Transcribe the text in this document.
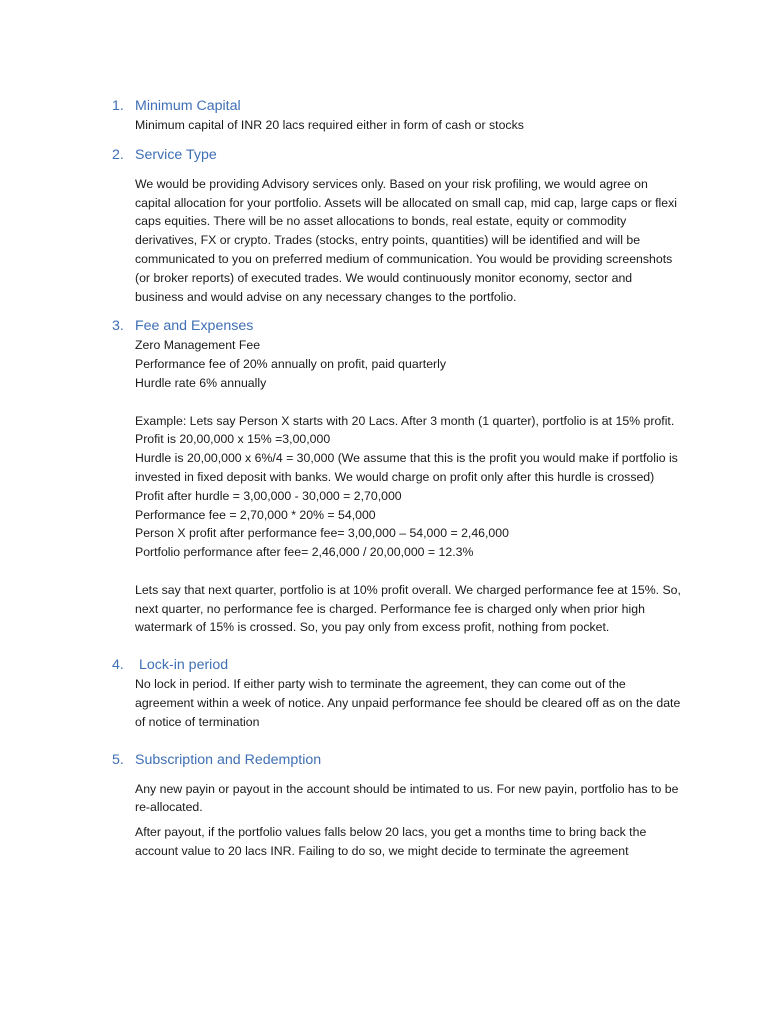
1. Minimum Capital
Minimum capital of INR 20 lacs required either in form of cash or stocks
2. Service Type
We would be providing Advisory services only. Based on your risk profiling, we would agree on capital allocation for your portfolio. Assets will be allocated on small cap, mid cap, large caps or flexi caps equities. There will be no asset allocations to bonds, real estate, equity or commodity derivatives, FX or crypto. Trades (stocks, entry points, quantities) will be identified and will be communicated to you on preferred medium of communication. You would be providing screenshots (or broker reports) of executed trades. We would continuously monitor economy, sector and business and would advise on any necessary changes to the portfolio.
3. Fee and Expenses
Zero Management Fee
Performance fee of 20% annually on profit, paid quarterly
Hurdle rate 6% annually
Example: Lets say Person X starts with 20 Lacs. After 3 month (1 quarter), portfolio is at 15% profit.
Profit is 20,00,000 x 15% =3,00,000
Hurdle is 20,00,000 x 6%/4 = 30,000 (We assume that this is the profit you would make if portfolio is invested in fixed deposit with banks. We would charge on profit only after this hurdle is crossed)
Profit after hurdle = 3,00,000 - 30,000 = 2,70,000
Performance fee = 2,70,000 * 20% = 54,000
Person X profit after performance fee= 3,00,000 – 54,000 = 2,46,000
Portfolio performance after fee= 2,46,000 / 20,00,000 = 12.3%
Lets say that next quarter, portfolio is at 10% profit overall. We charged performance fee at 15%. So, next quarter, no performance fee is charged. Performance fee is charged only when prior high watermark of 15% is crossed. So, you pay only from excess profit, nothing from pocket.
4.	Lock-in period
No lock in period. If either party wish to terminate the agreement, they can come out of the agreement within a week of notice. Any unpaid performance fee should be cleared off as on the date of notice of termination
5. Subscription and Redemption
Any new payin or payout in the account should be intimated to us. For new payin, portfolio has to be re-allocated.
After payout, if the portfolio values falls below 20 lacs, you get a months time to bring back the account value to 20 lacs INR. Failing to do so, we might decide to terminate the agreement
